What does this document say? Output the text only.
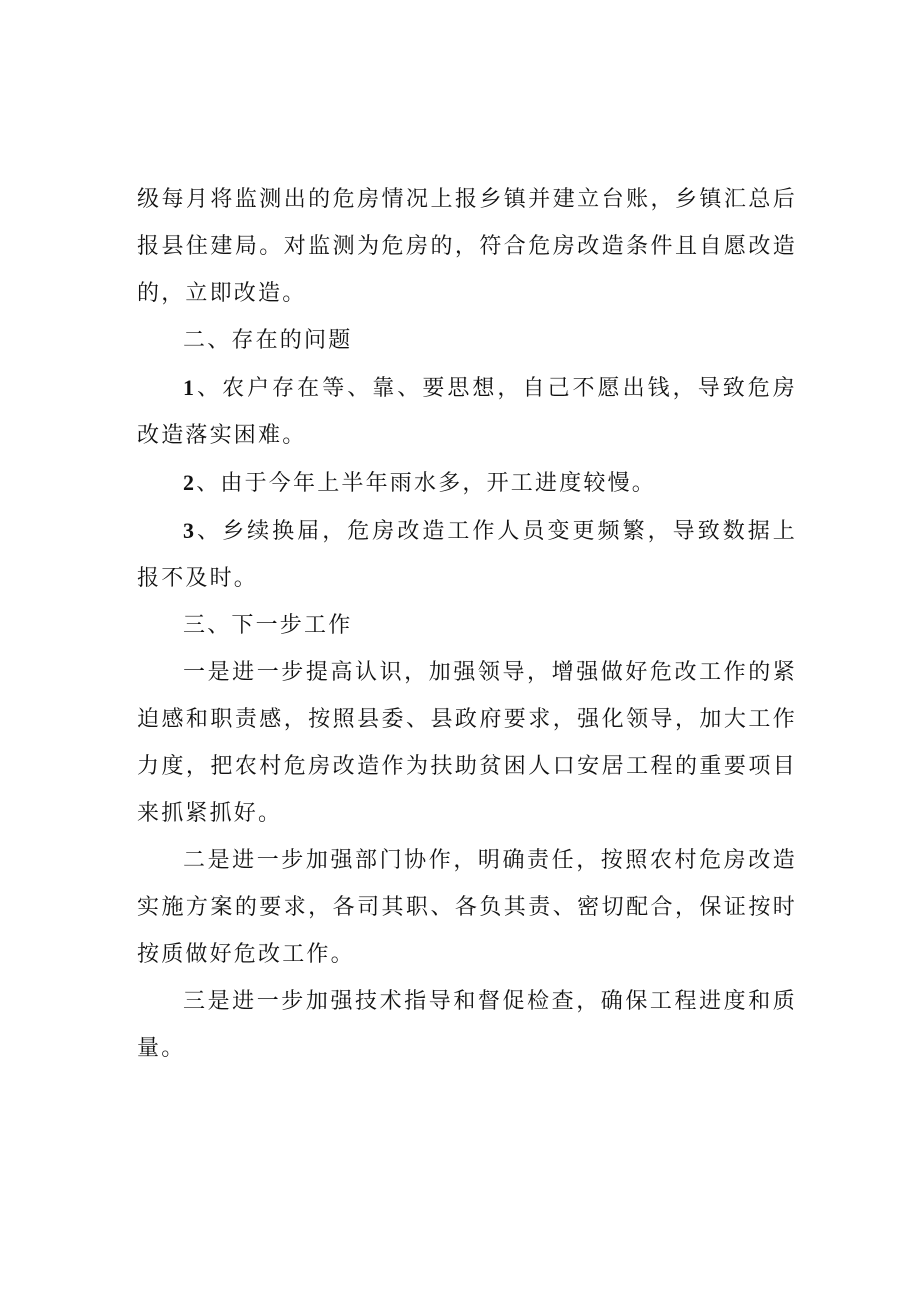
级每月将监测出的危房情况上报乡镇并建立台账，乡镇汇总后报县住建局。对监测为危房的，符合危房改造条件且自愿改造的，立即改造。

二、存在的问题

1、农户存在等、靠、要思想，自己不愿出钱，导致危房改造落实困难。

2、由于今年上半年雨水多，开工进度较慢。

3、乡续换届，危房改造工作人员变更频繁，导致数据上报不及时。

三、下一步工作

一是进一步提高认识，加强领导，增强做好危改工作的紧迫感和职责感，按照县委、县政府要求，强化领导，加大工作力度，把农村危房改造作为扶助贫困人口安居工程的重要项目来抓紧抓好。

二是进一步加强部门协作，明确责任，按照农村危房改造实施方案的要求，各司其职、各负其责、密切配合，保证按时按质做好危改工作。

三是进一步加强技术指导和督促检查，确保工程进度和质量。
